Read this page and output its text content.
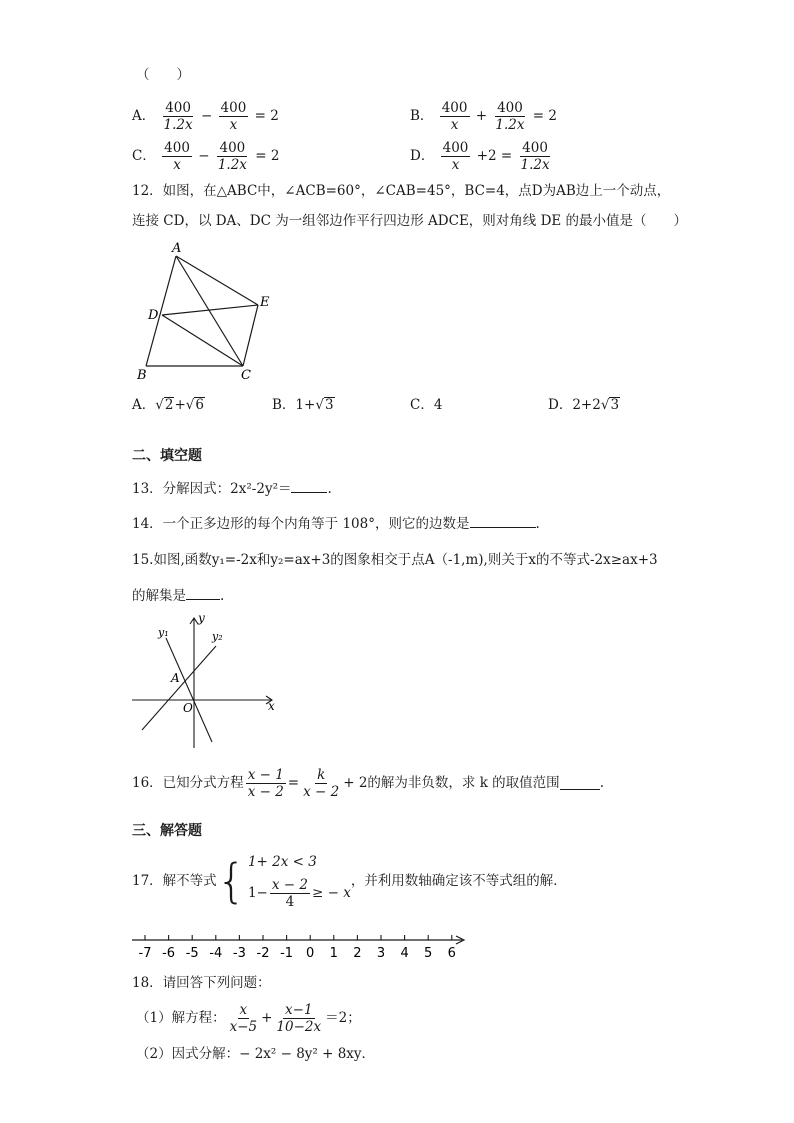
（　　）
A． $\frac{400}{1.2x} - \frac{400}{x} = 2$	B． $\frac{400}{x} + \frac{400}{1.2x} = 2$
C． $\frac{400}{x} - \frac{400}{1.2x} = 2$	D． $\frac{400}{x} +2 = \frac{400}{1.2x}$
12．如图，在△ABC中，∠ACB=60°，∠CAB=45°，BC=4，点D为AB边上一个动点，
连接 CD，以 DA、DC 为一组邻边作平行四边形 ADCE，则对角线 DE 的最小值是（　　）
A
B	C
D
E
A．√2+√6	B．1+√3	C．4	D．2+2√3
二、填空题
13．分解因式：2x²-2y²＝	.
14．一个正多边形的每个内角等于 108°，则它的边数是	.
15.如图,函数y₁=-2x和y₂=ax+3的图象相交于点A（-1,m),则关于x的不等式-2x≥ax+3
的解集是	.
y
x
O
A
y₁	y₂
16．已知分式方程 $\frac{x - 1}{x - 2} = \frac{k}{x - 2} + 2$ 的解为非负数，求 k 的取值范围	.
三、解答题
17．解不等式 { 1+ 2x < 3
$1- \frac{x - 2}{4}$ ≥ − x
，并利用数轴确定该不等式组的解．
-7 -6 -5 -4 -3 -2 -1 0 1 2 3 4 5 6
18．请回答下列问题：
（1）解方程： $\frac{x}{x-5} + \frac{x-1}{10-2x} =2$；
（2）因式分解：− 2x² − 8y² + 8xy．
